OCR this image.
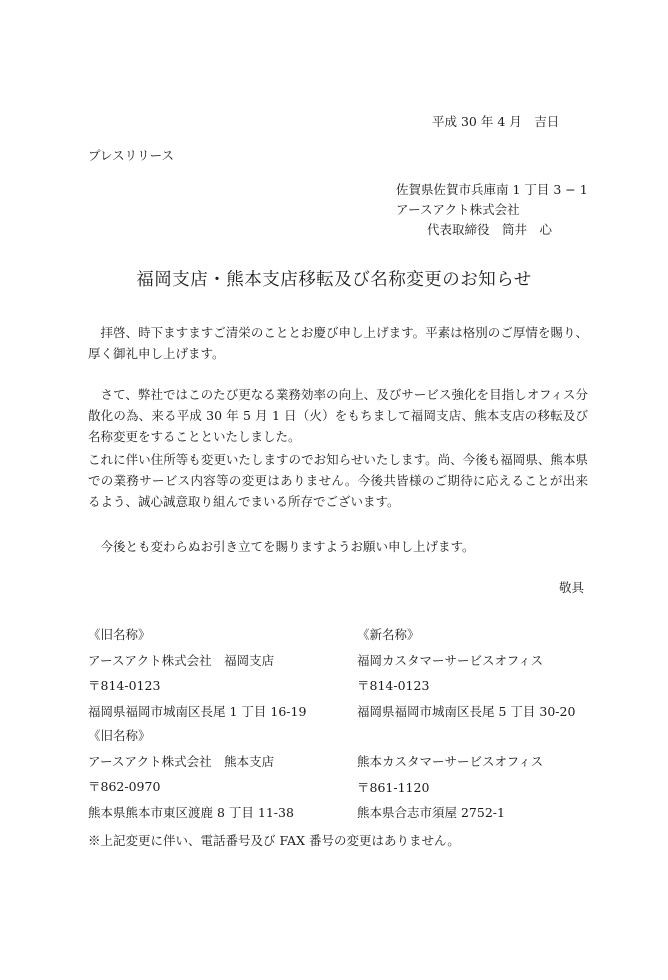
平成 30 年 4 月　吉日
プレスリリース
佐賀県佐賀市兵庫南 1 丁目 3 − 1
アースアクト株式会社
代表取締役　筒井　心
福岡支店・熊本支店移転及び名称変更のお知らせ
　拝啓、時下ますますご清栄のこととお慶び申し上げます。平素は格別のご厚情を賜り、厚く御礼申し上げます。
　さて、弊社ではこのたび更なる業務効率の向上、及びサービス強化を目指しオフィス分散化の為、来る平成 30 年 5 月 1 日（火）をもちまして福岡支店、熊本支店の移転及び名称変更をすることといたしました。
これに伴い住所等も変更いたしますのでお知らせいたします。尚、今後も福岡県、熊本県での業務サービス内容等の変更はありません。今後共皆様のご期待に応えることが出来るよう、誠心誠意取り組んでまいる所存でございます。
　今後とも変わらぬお引き立てを賜りますようお願い申し上げます。
敬具
《旧名称》
アースアクト株式会社　福岡支店
〒814-0123
福岡県福岡市城南区長尾 1 丁目 16-19
《新名称》
福岡カスタマーサービスオフィス
〒814-0123
福岡県福岡市城南区長尾 5 丁目 30-20
《旧名称》
アースアクト株式会社　熊本支店
〒862-0970
熊本県熊本市東区渡鹿 8 丁目 11-38
熊本カスタマーサービスオフィス
〒861-1120
熊本県合志市須屋 2752-1
※上記変更に伴い、電話番号及び FAX 番号の変更はありません。
